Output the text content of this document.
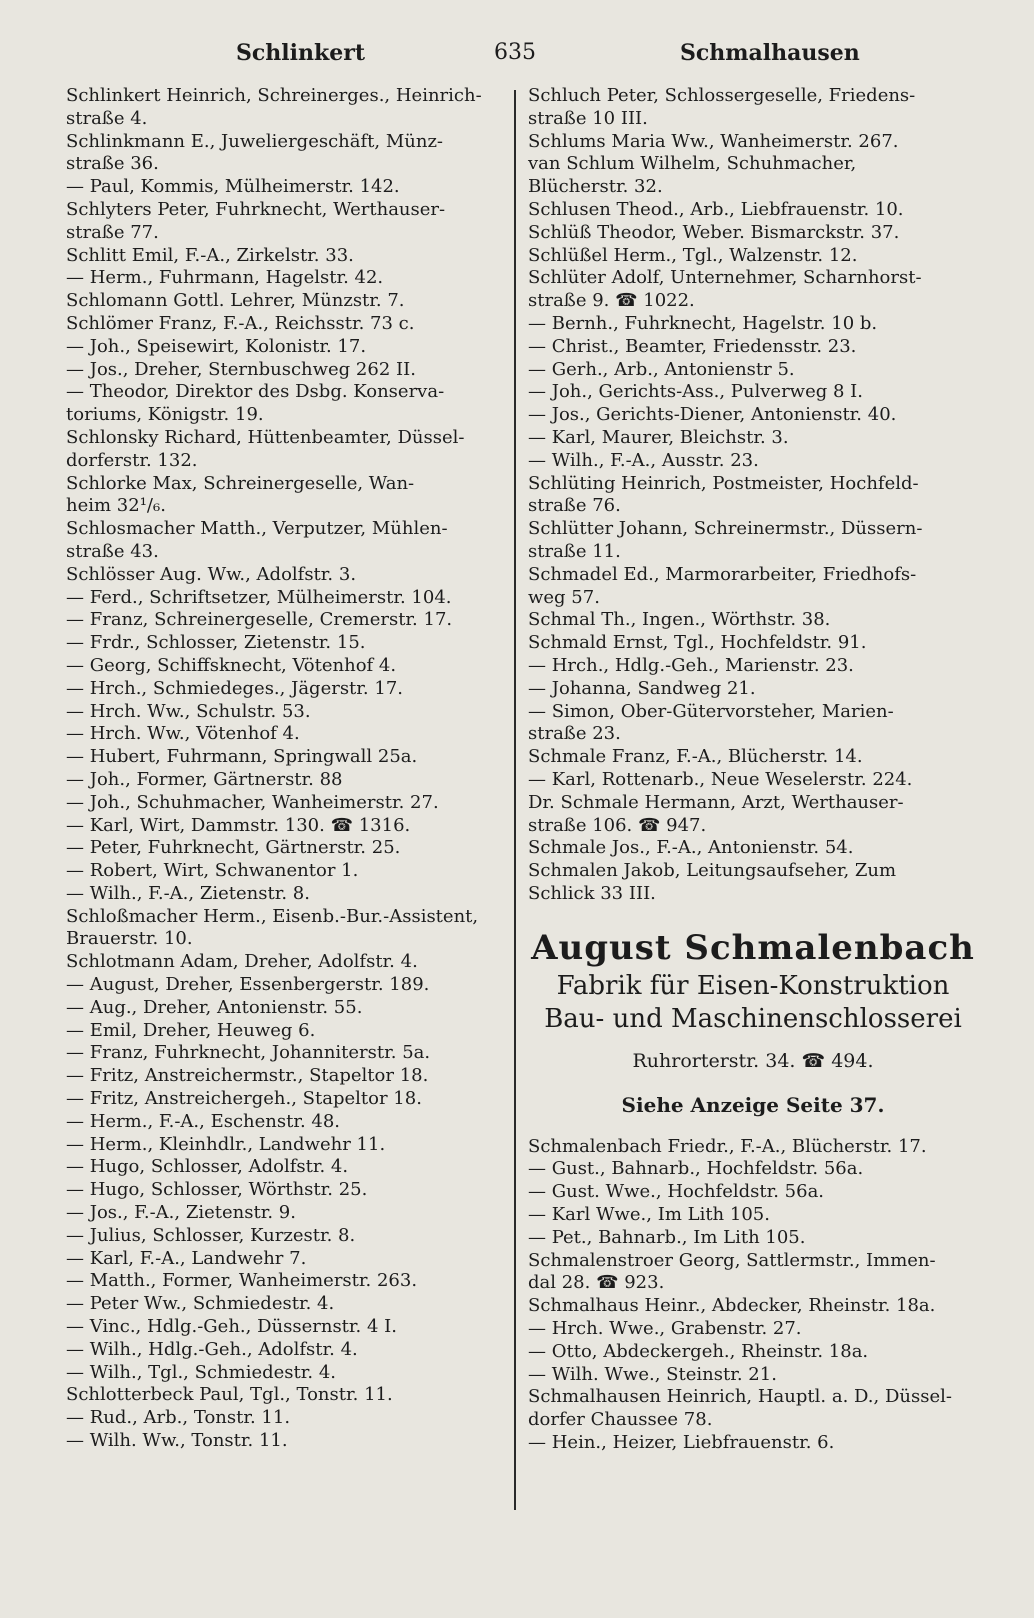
Schlinkert	635	Schmalhausen
Schlinkert Heinrich, Schreinerges., Heinrich-
straße 4.
Schlinkmann E., Juweliergeschäft, Münz-
straße 36.
— Paul, Kommis, Mülheimerstr. 142.
Schlyters Peter, Fuhrknecht, Werthauser-
straße 77.
Schlitt Emil, F.-A., Zirkelstr. 33.
— Herm., Fuhrmann, Hagelstr. 42.
Schlomann Gottl. Lehrer, Münzstr. 7.
Schlömer Franz, F.-A., Reichsstr. 73 c.
— Joh., Speisewirt, Kolonistr. 17.
— Jos., Dreher, Sternbuschweg 262 II.
— Theodor, Direktor des Dsbg. Konserva-
toriums, Königstr. 19.
Schlonsky Richard, Hüttenbeamter, Düssel-
dorferstr. 132.
Schlorke Max, Schreinergeselle, Wan-
heim 32¹/₆.
Schlosmacher Matth., Verputzer, Mühlen-
straße 43.
Schlösser Aug. Ww., Adolfstr. 3.
— Ferd., Schriftsetzer, Mülheimerstr. 104.
— Franz, Schreinergeselle, Cremerstr. 17.
— Frdr., Schlosser, Zietenstr. 15.
— Georg, Schiffsknecht, Vötenhof 4.
— Hrch., Schmiedeges., Jägerstr. 17.
— Hrch. Ww., Schulstr. 53.
— Hrch. Ww., Vötenhof 4.
— Hubert, Fuhrmann, Springwall 25a.
— Joh., Former, Gärtnerstr. 88
— Joh., Schuhmacher, Wanheimerstr. 27.
— Karl, Wirt, Dammstr. 130. ☎ 1316.
— Peter, Fuhrknecht, Gärtnerstr. 25.
— Robert, Wirt, Schwanentor 1.
— Wilh., F.-A., Zietenstr. 8.
Schloßmacher Herm., Eisenb.-Bur.-Assistent,
Brauerstr. 10.
Schlotmann Adam, Dreher, Adolfstr. 4.
— August, Dreher, Essenbergerstr. 189.
— Aug., Dreher, Antonienstr. 55.
— Emil, Dreher, Heuweg 6.
— Franz, Fuhrknecht, Johanniterstr. 5a.
— Fritz, Anstreichermstr., Stapeltor 18.
— Fritz, Anstreichergeh., Stapeltor 18.
— Herm., F.-A., Eschenstr. 48.
— Herm., Kleinhdlr., Landwehr 11.
— Hugo, Schlosser, Adolfstr. 4.
— Hugo, Schlosser, Wörthstr. 25.
— Jos., F.-A., Zietenstr. 9.
— Julius, Schlosser, Kurzestr. 8.
— Karl, F.-A., Landwehr 7.
— Matth., Former, Wanheimerstr. 263.
— Peter Ww., Schmiedestr. 4.
— Vinc., Hdlg.-Geh., Düssernstr. 4 I.
— Wilh., Hdlg.-Geh., Adolfstr. 4.
— Wilh., Tgl., Schmiedestr. 4.
Schlotterbeck Paul, Tgl., Tonstr. 11.
— Rud., Arb., Tonstr. 11.
— Wilh. Ww., Tonstr. 11.
Schluch Peter, Schlossergeselle, Friedens-
straße 10 III.
Schlums Maria Ww., Wanheimerstr. 267.
van Schlum Wilhelm, Schuhmacher,
Blücherstr. 32.
Schlusen Theod., Arb., Liebfrauenstr. 10.
Schlüß Theodor, Weber. Bismarckstr. 37.
Schlüßel Herm., Tgl., Walzenstr. 12.
Schlüter Adolf, Unternehmer, Scharnhorst-
straße 9. ☎ 1022.
— Bernh., Fuhrknecht, Hagelstr. 10 b.
— Christ., Beamter, Friedensstr. 23.
— Gerh., Arb., Antonienstr 5.
— Joh., Gerichts-Ass., Pulverweg 8 I.
— Jos., Gerichts-Diener, Antonienstr. 40.
— Karl, Maurer, Bleichstr. 3.
— Wilh., F.-A., Ausstr. 23.
Schlüting Heinrich, Postmeister, Hochfeld-
straße 76.
Schlütter Johann, Schreinermstr., Düssern-
straße 11.
Schmadel Ed., Marmorarbeiter, Friedhofs-
weg 57.
Schmal Th., Ingen., Wörthstr. 38.
Schmald Ernst, Tgl., Hochfeldstr. 91.
— Hrch., Hdlg.-Geh., Marienstr. 23.
— Johanna, Sandweg 21.
— Simon, Ober-Gütervorsteher, Marien-
straße 23.
Schmale Franz, F.-A., Blücherstr. 14.
— Karl, Rottenarb., Neue Weselerstr. 224.
Dr. Schmale Hermann, Arzt, Werthauser-
straße 106. ☎ 947.
Schmale Jos., F.-A., Antonienstr. 54.
Schmalen Jakob, Leitungsaufseher, Zum
Schlick 33 III.
August Schmalenbach
Fabrik für Eisen-Konstruktion
Bau- und Maschinenschlosserei
Ruhrorterstr. 34. ☎ 494.
Siehe Anzeige Seite 37.
Schmalenbach Friedr., F.-A., Blücherstr. 17.
— Gust., Bahnarb., Hochfeldstr. 56a.
— Gust. Wwe., Hochfeldstr. 56a.
— Karl Wwe., Im Lith 105.
— Pet., Bahnarb., Im Lith 105.
Schmalenstroer Georg, Sattlermstr., Immen-
dal 28. ☎ 923.
Schmalhaus Heinr., Abdecker, Rheinstr. 18a.
— Hrch. Wwe., Grabenstr. 27.
— Otto, Abdeckergeh., Rheinstr. 18a.
— Wilh. Wwe., Steinstr. 21.
Schmalhausen Heinrich, Hauptl. a. D., Düssel-
dorfer Chaussee 78.
— Hein., Heizer, Liebfrauenstr. 6.
